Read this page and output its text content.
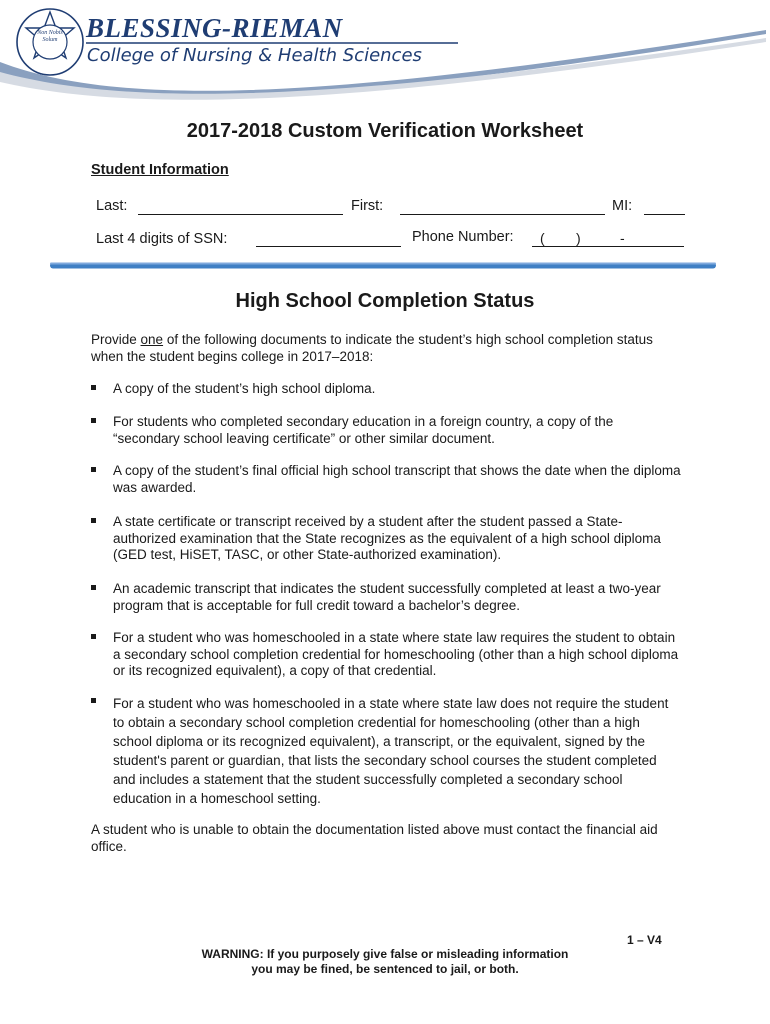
BLESSING-RIEMAN
College of Nursing & Health Sciences
Non Nobis Solum
2017-2018 Custom Verification Worksheet
Student Information
Last:	First:	MI:
Last 4 digits of SSN:	Phone Number: ( )	-
High School Completion Status
Provide one of the following documents to indicate the student’s high school completion status when the student begins college in 2017–2018:
A copy of the student’s high school diploma.
For students who completed secondary education in a foreign country, a copy of the “secondary school leaving certificate” or other similar document.
A copy of the student’s final official high school transcript that shows the date when the diploma was awarded.
A state certificate or transcript received by a student after the student passed a State-authorized examination that the State recognizes as the equivalent of a high school diploma (GED test, HiSET, TASC, or other State-authorized examination).
An academic transcript that indicates the student successfully completed at least a two-year program that is acceptable for full credit toward a bachelor’s degree.
For a student who was homeschooled in a state where state law requires the student to obtain a secondary school completion credential for homeschooling (other than a high school diploma or its recognized equivalent), a copy of that credential.
For a student who was homeschooled in a state where state law does not require the student to obtain a secondary school completion credential for homeschooling (other than a high school diploma or its recognized equivalent), a transcript, or the equivalent, signed by the student's parent or guardian, that lists the secondary school courses the student completed and includes a statement that the student successfully completed a secondary school education in a homeschool setting.
A student who is unable to obtain the documentation listed above must contact the financial aid office.
1 – V4
WARNING: If you purposely give false or misleading information
you may be fined, be sentenced to jail, or both.
